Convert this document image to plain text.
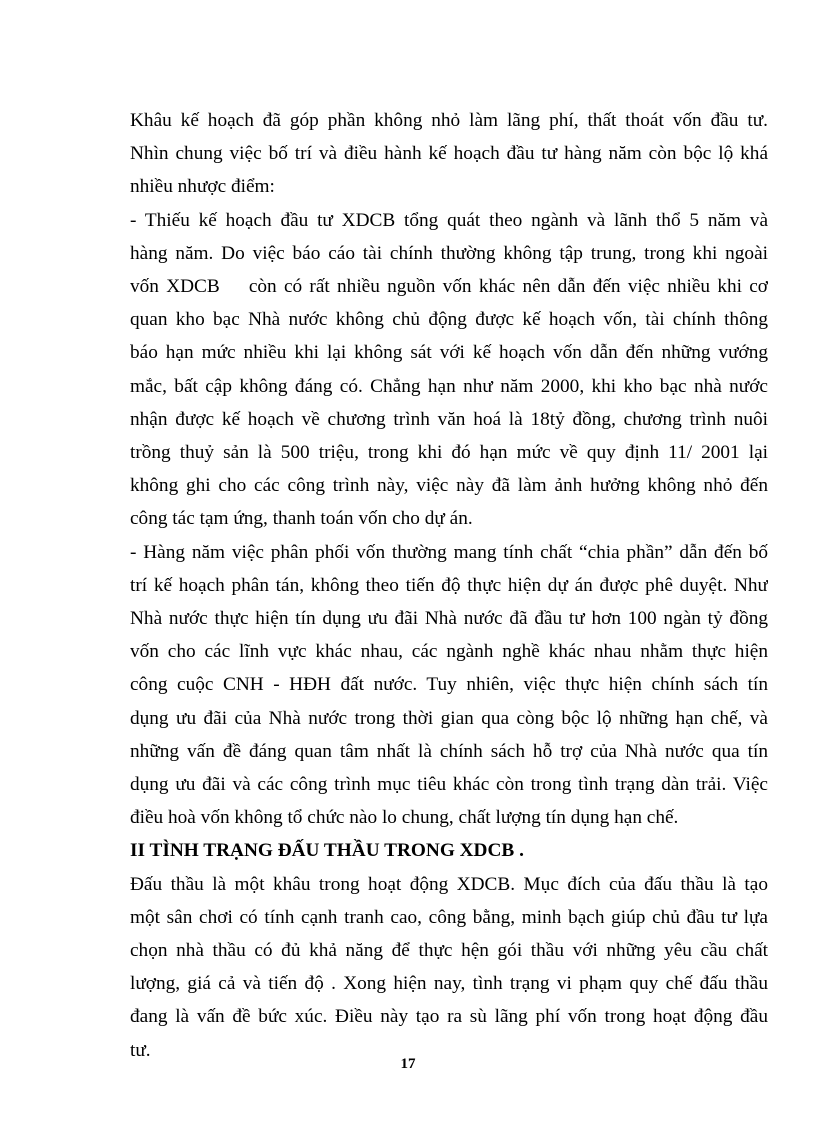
Khâu kế hoạch đã góp phần không nhỏ làm lãng phí, thất thoát vốn đầu tư.
Nhìn chung việc bố trí và điều hành kế hoạch đầu tư hàng năm còn bộc lộ khá
nhiều nhược điểm:
- Thiếu kế hoạch đầu tư XDCB tổng quát theo ngành và lãnh thổ 5 năm và
hàng năm. Do việc báo cáo tài chính thường không tập trung, trong khi ngoài
vốn XDCB    còn có rất nhiều nguồn vốn khác nên dẫn đến việc nhiều khi cơ
quan kho bạc Nhà nước không chủ động được kế hoạch vốn, tài chính thông
báo hạn mức nhiều khi lại không sát với kế hoạch vốn dẫn đến những vướng
mắc, bất cập không đáng có. Chẳng hạn như năm 2000, khi kho bạc nhà nước
nhận được kế hoạch về chương trình văn hoá là 18tỷ đồng, chương trình nuôi
trồng thuỷ sản là 500 triệu, trong khi đó hạn mức về quy định 11/ 2001 lại
không ghi cho các công trình này, việc này đã làm ảnh hưởng không nhỏ đến
công tác tạm ứng, thanh toán vốn cho dự án.
- Hàng năm việc phân phối vốn thường mang tính chất “chia phần” dẫn đến bố
trí kế hoạch phân tán, không theo tiến độ thực hiện dự án được phê duyệt. Như
Nhà nước thực hiện tín dụng ưu đãi Nhà nước đã đầu tư hơn 100 ngàn tỷ đồng
vốn cho các lĩnh vực khác nhau, các ngành nghề khác nhau nhằm thực hiện
công cuộc CNH - HĐH đất nước. Tuy nhiên, việc thực hiện chính sách tín
dụng ưu đãi của Nhà nước trong thời gian qua còng bộc lộ những hạn chế, và
những vấn đề đáng quan tâm nhất là chính sách hỗ trợ của Nhà nước qua tín
dụng ưu đãi và các công trình mục tiêu khác còn trong tình trạng dàn trải. Việc
điều hoà vốn không tổ chức nào lo chung, chất lượng tín dụng hạn chế.
II TÌNH TRẠNG ĐẤU THẦU TRONG XDCB .
Đấu thầu là một khâu trong hoạt động XDCB. Mục đích của đấu thầu là tạo
một sân chơi có tính cạnh tranh cao, công bằng, minh bạch giúp chủ đầu tư lựa
chọn nhà thầu có đủ khả năng để thực hện gói thầu với những yêu cầu chất
lượng, giá cả và tiến độ . Xong hiện nay, tình trạng vi phạm quy chế đấu thầu
đang là vấn đề bức xúc. Điều này tạo ra sù lãng phí vốn trong hoạt động đầu
tư.
17
